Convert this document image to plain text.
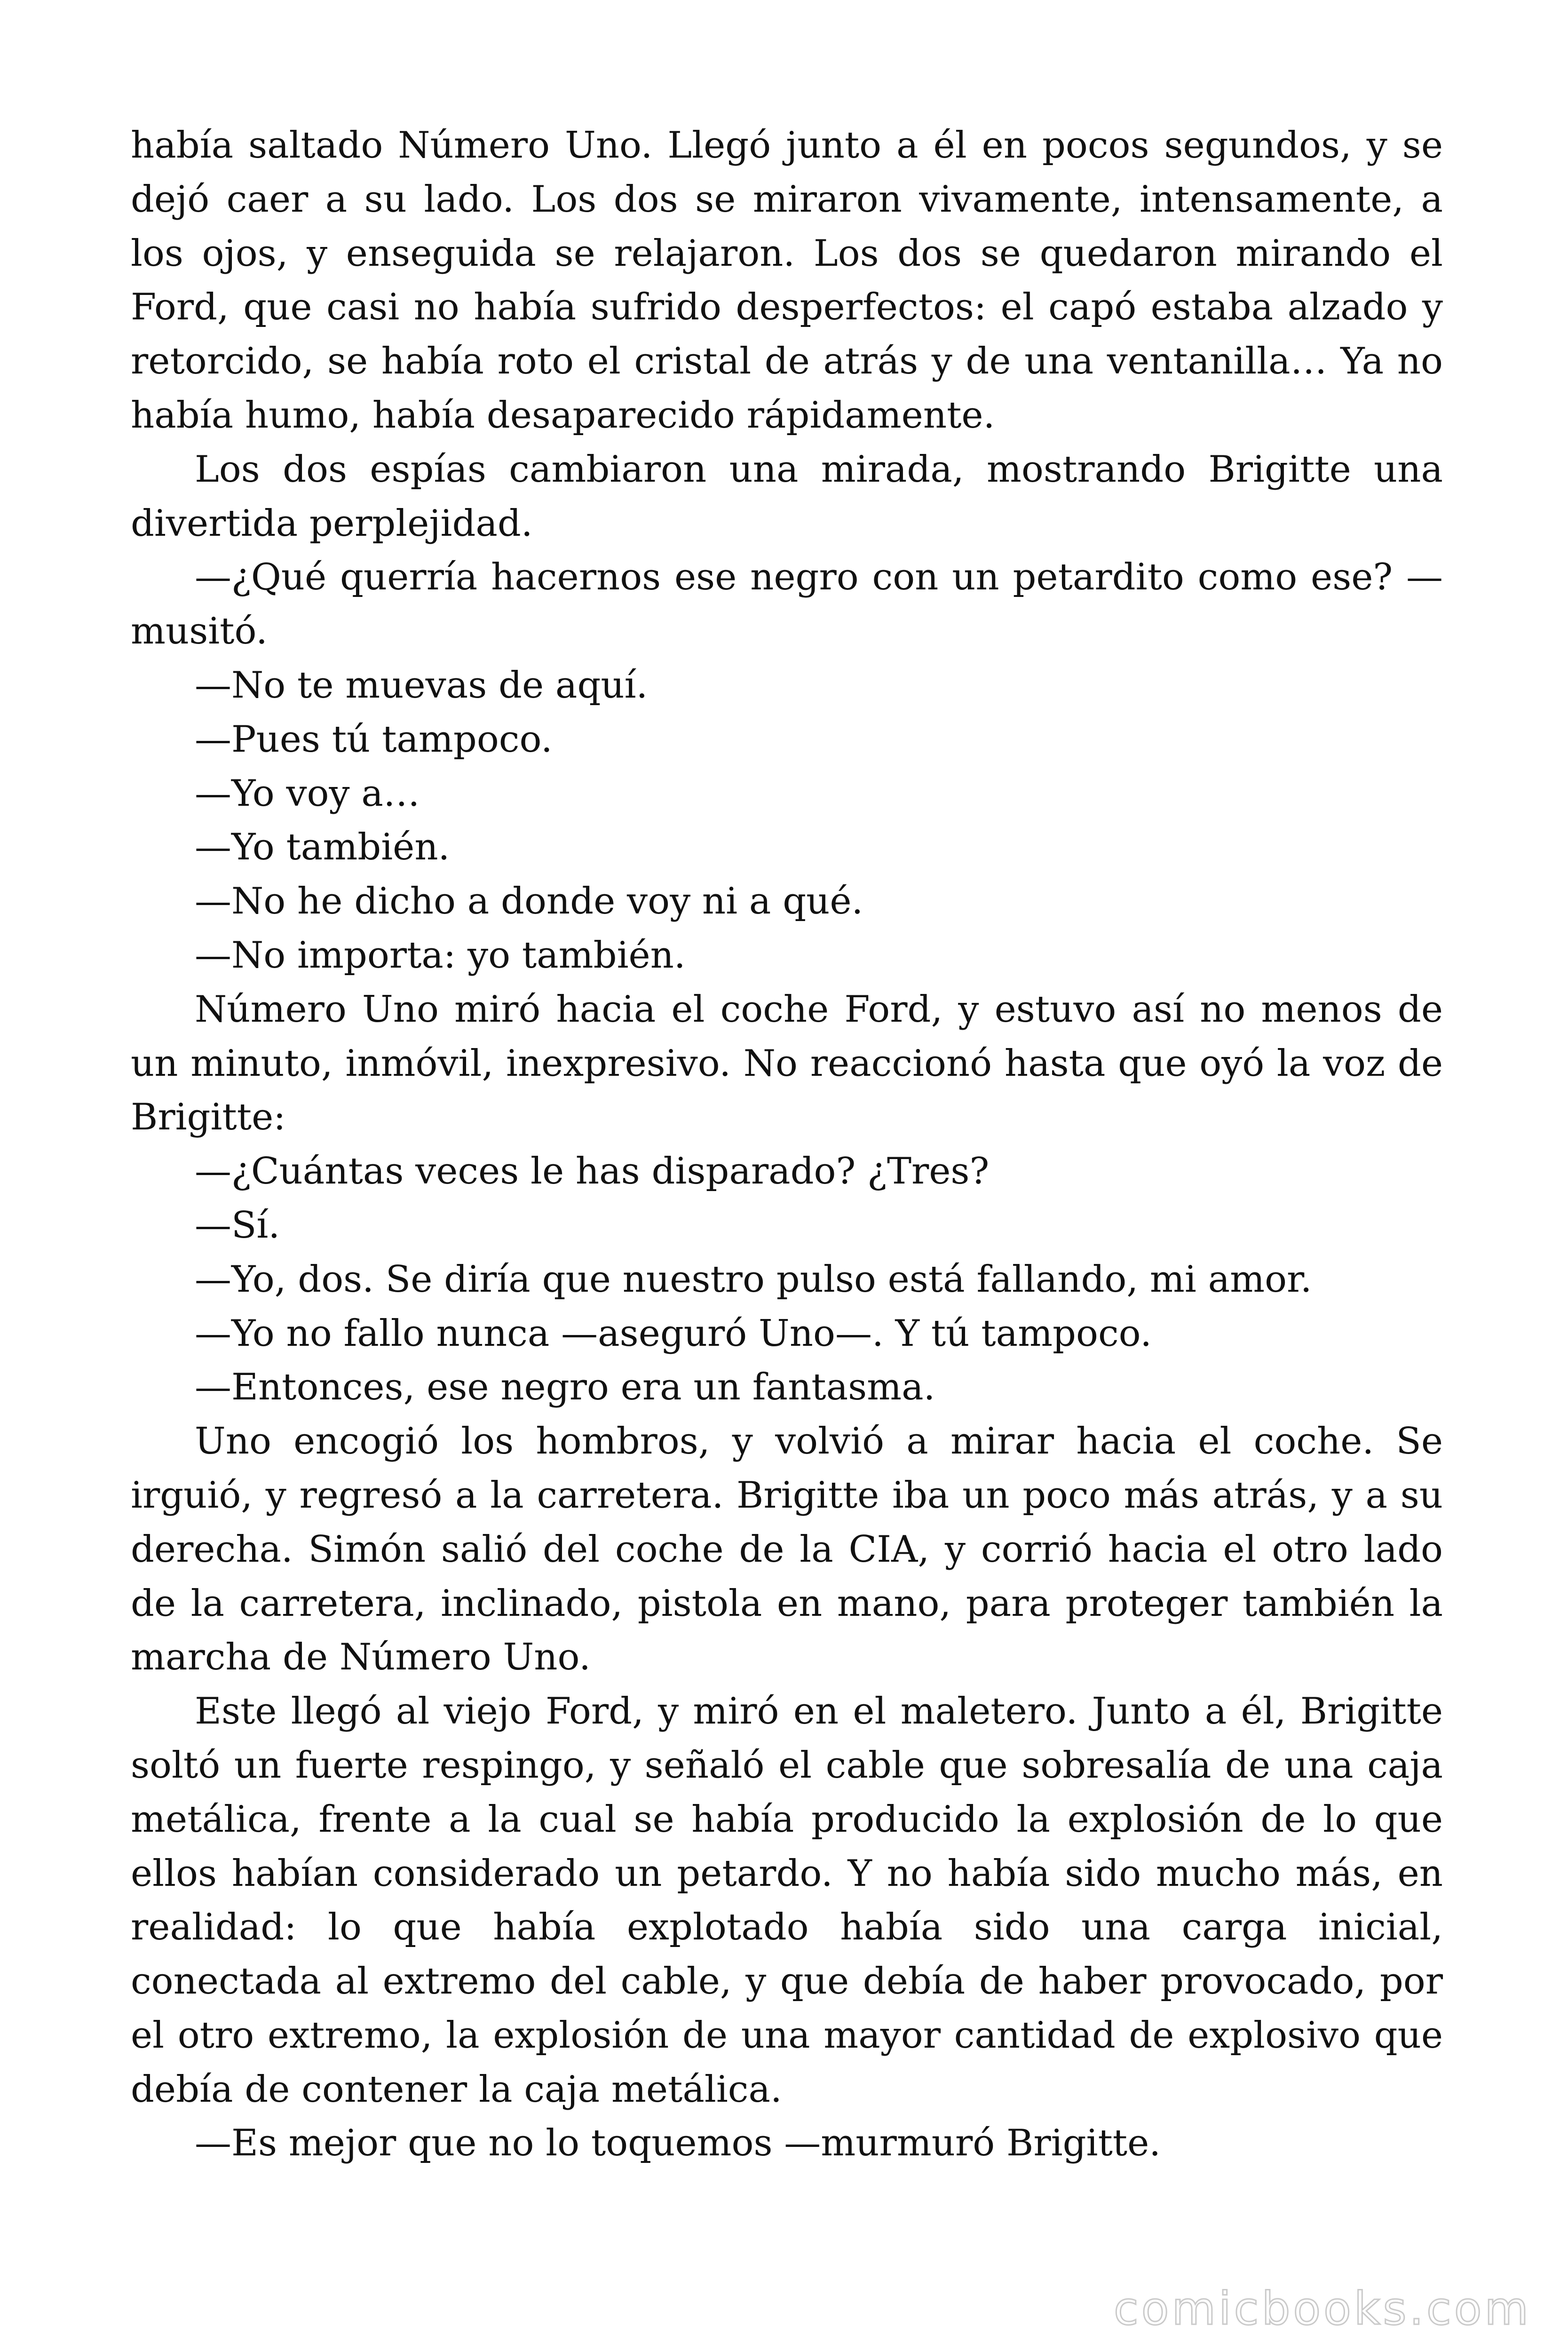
había saltado Número Uno. Llegó junto a él en pocos segundos, y se dejó caer a su lado. Los dos se miraron vivamente, intensamente, a los ojos, y enseguida se relajaron. Los dos se quedaron mirando el Ford, que casi no había sufrido desperfectos: el capó estaba alzado y retorcido, se había roto el cristal de atrás y de una ventanilla… Ya no había humo, había desaparecido rápidamente.

Los dos espías cambiaron una mirada, mostrando Brigitte una divertida perplejidad.

—¿Qué querría hacernos ese negro con un petardito como ese? —musitó.

—No te muevas de aquí.

—Pues tú tampoco.

—Yo voy a…

—Yo también.

—No he dicho a donde voy ni a qué.

—No importa: yo también.

Número Uno miró hacia el coche Ford, y estuvo así no menos de un minuto, inmóvil, inexpresivo. No reaccionó hasta que oyó la voz de Brigitte:

—¿Cuántas veces le has disparado? ¿Tres?

—Sí.

—Yo, dos. Se diría que nuestro pulso está fallando, mi amor.

—Yo no fallo nunca —aseguró Uno—. Y tú tampoco.

—Entonces, ese negro era un fantasma.

Uno encogió los hombros, y volvió a mirar hacia el coche. Se irguió, y regresó a la carretera. Brigitte iba un poco más atrás, y a su derecha. Simón salió del coche de la CIA, y corrió hacia el otro lado de la carretera, inclinado, pistola en mano, para proteger también la marcha de Número Uno.

Este llegó al viejo Ford, y miró en el maletero. Junto a él, Brigitte soltó un fuerte respingo, y señaló el cable que sobresalía de una caja metálica, frente a la cual se había producido la explosión de lo que ellos habían considerado un petardo. Y no había sido mucho más, en realidad: lo que había explotado había sido una carga inicial, conectada al extremo del cable, y que debía de haber provocado, por el otro extremo, la explosión de una mayor cantidad de explosivo que debía de contener la caja metálica.

—Es mejor que no lo toquemos —murmuró Brigitte.

comicbooks.com
